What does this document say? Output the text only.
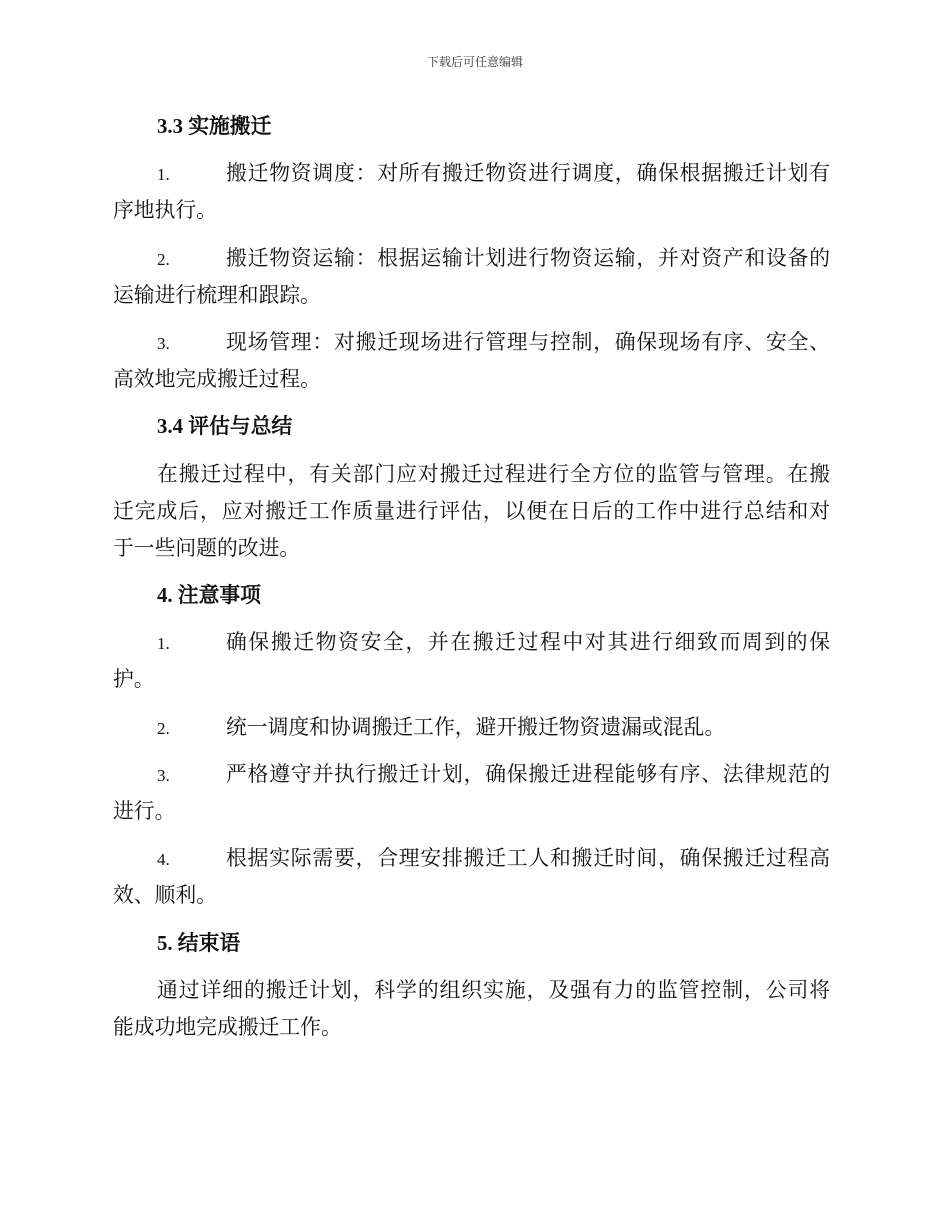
下载后可任意编辑
3.3 实施搬迁
1.	搬迁物资调度：对所有搬迁物资进行调度，确保根据搬迁计划有
序地执行。
2.	搬迁物资运输：根据运输计划进行物资运输，并对资产和设备的
运输进行梳理和跟踪。
3.	现场管理：对搬迁现场进行管理与控制，确保现场有序、安全、
高效地完成搬迁过程。
3.4 评估与总结
在搬迁过程中，有关部门应对搬迁过程进行全方位的监管与管理。在搬
迁完成后，应对搬迁工作质量进行评估，以便在日后的工作中进行总结和对
于一些问题的改进。
4. 注意事项
1.	确保搬迁物资安全，并在搬迁过程中对其进行细致而周到的保
护。
2.	统一调度和协调搬迁工作，避开搬迁物资遗漏或混乱。
3.	严格遵守并执行搬迁计划，确保搬迁进程能够有序、法律规范的
进行。
4.	根据实际需要，合理安排搬迁工人和搬迁时间，确保搬迁过程高
效、顺利。
5. 结束语
通过详细的搬迁计划，科学的组织实施，及强有力的监管控制，公司将
能成功地完成搬迁工作。
